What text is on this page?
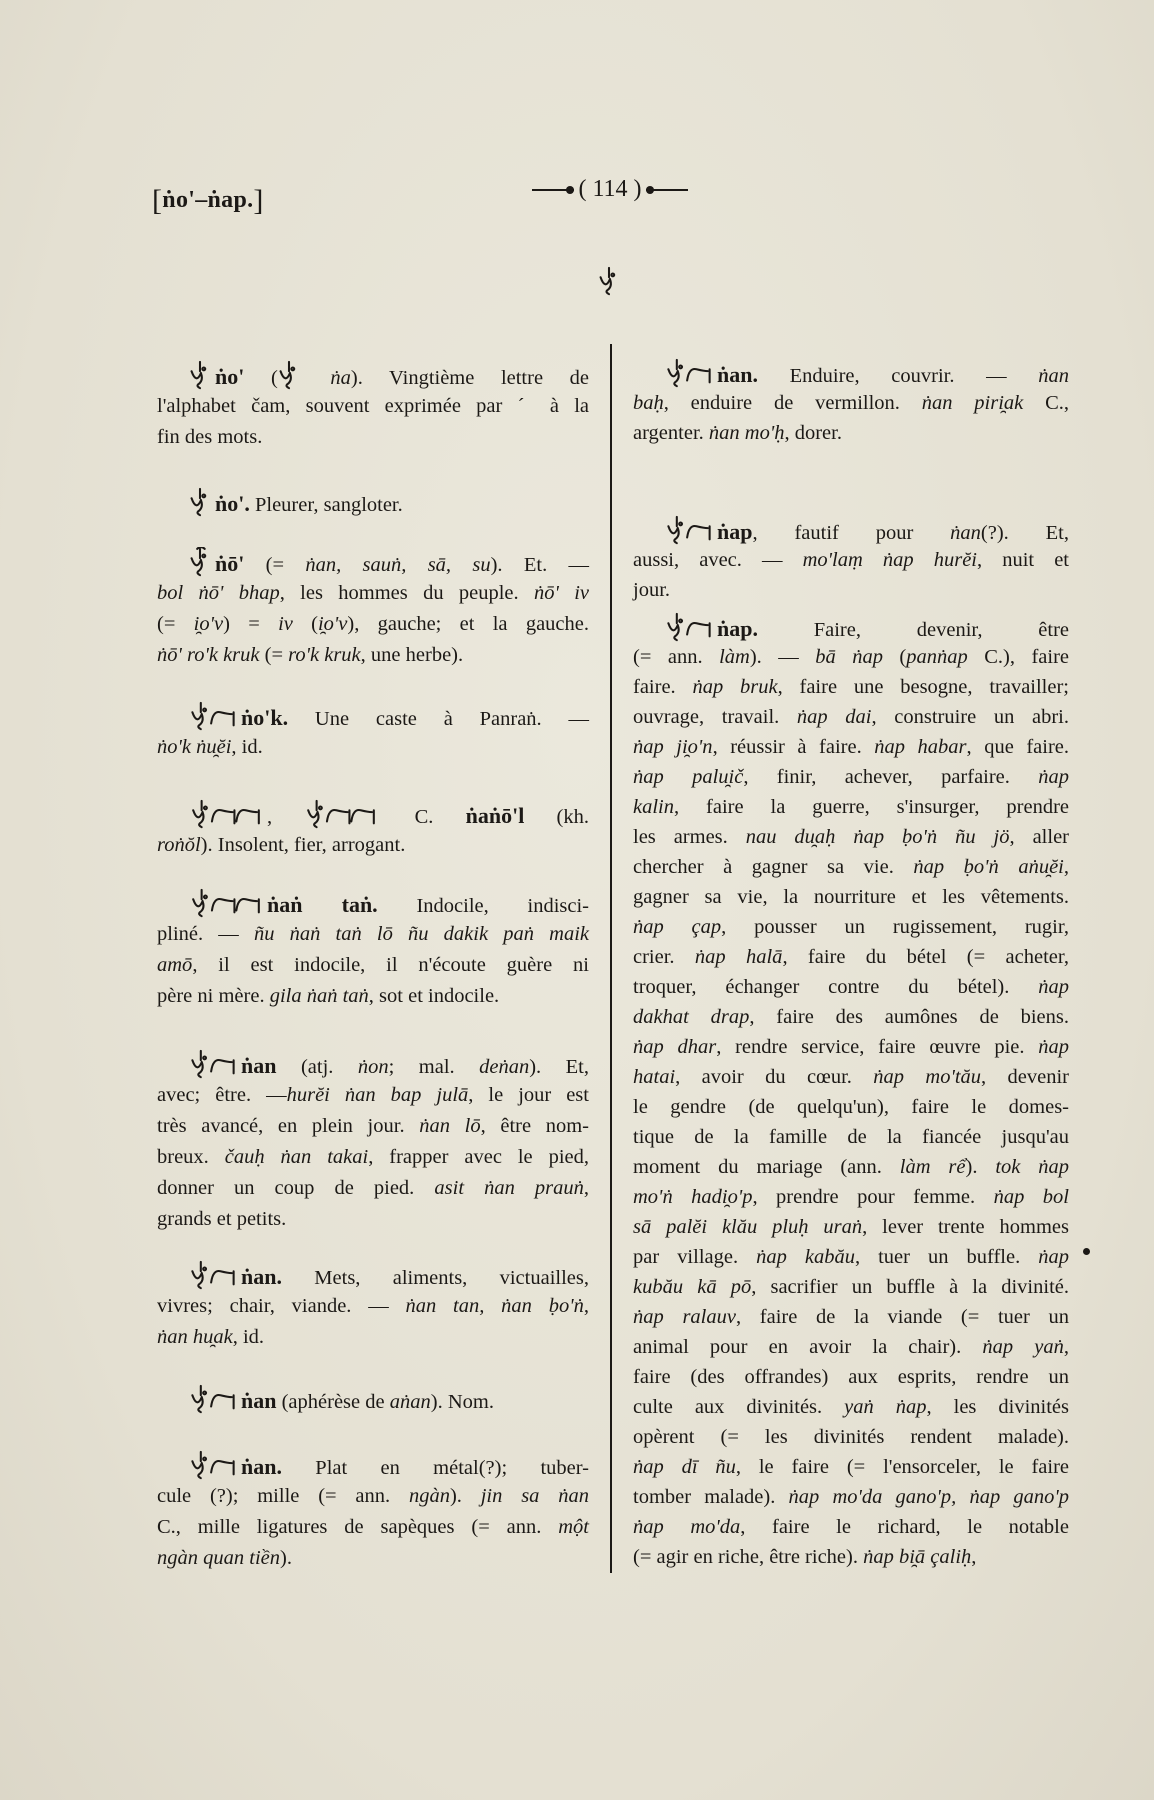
[ṅo'–ṅap.]	( 114 )
ṅo' (
ṅa). Vingtième lettre de
l'alphabet čam, souvent exprimée par ˊ à la
fin des mots.
ṅo'. Pleurer, sangloter.
ṅō' (= ṅan, sauṅ, sā, su). Et. —
bol ṅō' bhap, les hommes du peuple. ṅō' iv
(= i̯o'v) = iv (i̯o'v), gauche; et la gauche.
ṅō' ro'k kruk (= ro'k kruk, une herbe).
ṅo'k. Une caste à Panraṅ. —
ṅo'k ṅu̯ĕi, id.
,	C. ṅaṅō'l (kh.
roṅŏl). Insolent, fier, arrogant.
ṅaṅ taṅ. Indocile, indisci-
pliné. — ñu ṅaṅ taṅ lō ñu dakik paṅ maik
amō, il est indocile, il n'écoute guère ni
père ni mère. gila ṅaṅ taṅ, sot et indocile.
ṅan (atj. ṅon; mal. deṅan). Et,
avec; être. —hurĕi ṅan bap julā, le jour est
très avancé, en plein jour. ṅan lō, être nom-
breux. čauḥ ṅan takai, frapper avec le pied,
donner un coup de pied. asit ṅan prauṅ,
grands et petits.
ṅan. Mets, aliments, victuailles,
vivres; chair, viande. — ṅan tan, ṅan ḅo'ṅ,
ṅan hu̯ak, id.
ṅan (aphérèse de aṅan). Nom.
ṅan. Plat en métal(?); tuber-
cule (?); mille (= ann. ngàn). jin sa ṅan
C., mille ligatures de sapèques (= ann. một
ngàn quan tiền).
ṅan. Enduire, couvrir. — ṅan
baḥ, enduire de vermillon. ṅan piri̯ak C.,
argenter. ṅan mo'ḥ, dorer.
ṅap, fautif pour ṅan(?). Et,
aussi, avec. — mo'laṃ ṅap hurĕi, nuit et
jour.
ṅap. Faire, devenir, être
(= ann. làm). — bā ṅap (panṅap C.), faire
faire. ṅap bruk, faire une besogne, travailler;
ouvrage, travail. ṅap dai, construire un abri.
ṅap ji̯o'n, réussir à faire. ṅap habar, que faire.
ṅap palu̯ič, finir, achever, parfaire. ṅap
kalin, faire la guerre, s'insurger, prendre
les armes. nau du̯aḥ ṅap ḅo'ṅ ñu jö, aller
chercher à gagner sa vie. ṅap ḅo'ṅ aṅu̯ĕi,
gagner sa vie, la nourriture et les vêtements.
ṅap çap, pousser un rugissement, rugir,
crier. ṅap halā, faire du bétel (= acheter,
troquer, échanger contre du bétel). ṅap
dakhat drap, faire des aumônes de biens.
ṅap dhar, rendre service, faire œuvre pie. ṅap
hatai, avoir du cœur. ṅap mo'tău, devenir
le gendre (de quelqu'un), faire le domes-
tique de la famille de la fiancée jusqu'au
moment du mariage (ann. làm rể). tok ṅap
mo'ṅ hadi̯o'p, prendre pour femme. ṅap bol
sā palĕi klău pluḥ uraṅ, lever trente hommes
par village. ṅap kabău, tuer un buffle. ṅap
kubău kā pō, sacrifier un buffle à la divinité.
ṅap ralauv, faire de la viande (= tuer un
animal pour en avoir la chair). ṅap yaṅ,
faire (des offrandes) aux esprits, rendre un
culte aux divinités. yaṅ ṅap, les divinités
opèrent (= les divinités rendent malade).
ṅap dī ñu, le faire (= l'ensorceler, le faire
tomber malade). ṅap mo'da gano'p, ṅap gano'p
ṅap mo'da, faire le richard, le notable
(= agir en riche, être riche). ṅap bi̯ā çaliḥ,
